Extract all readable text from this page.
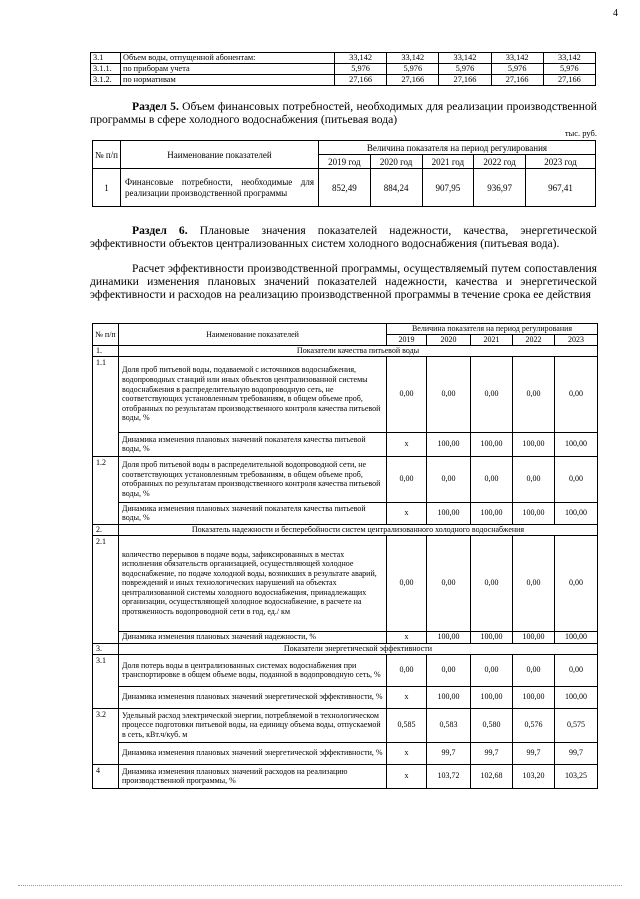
4
3.1	Объем воды, отпущенной абонентам:	33,142	33,142	33,142	33,142	33,142
3.1.1.	по приборам учета	5,976	5,976	5,976	5,976	5,976
3.1.2.	по нормативам	27,166	27,166	27,166	27,166	27,166
Раздел 5. Объем финансовых потребностей, необходимых для реализации производственной программы в сфере холодного водоснабжения (питьевая вода)
тыс. руб.
№ п/п	Наименование показателей	Величина показателя на период регулирования				
		2019 год	2020 год	2021 год	2022 год	2023 год
1	Финансовые потребности, необходимые для реализации производственной программы	852,49	884,24	907,95	936,97	967,41
Раздел 6. Плановые значения показателей надежности, качества, энергетической эффективности объектов централизованных систем холодного водоснабжения (питьевая вода).
Расчет эффективности производственной программы, осуществляемый путем сопоставления динамики изменения плановых значений показателей надежности, качества и энергетической эффективности и расходов на реализацию производственной программы в течение срока ее действия
№ п/п	Наименование показателей	Величина показателя на период регулирования				
		2019	2020	2021	2022	2023
1.	Показатели качества питьевой воды					
1.1	Доля проб питьевой воды, подаваемой с источников водоснабжения, водопроводных станций или иных объектов централизованной системы водоснабжения в распределительную водопроводную сеть, не соответствующих установленным требованиям, в общем объеме проб, отобранных по результатам производственного контроля качества питьевой воды, %	0,00	0,00	0,00	0,00	0,00
	Динамика изменения плановых значений показателя качества питьевой воды, %	х	100,00	100,00	100,00	100,00
1.2	Доля проб питьевой воды в распределительной водопроводной сети, не соответствующих установленным требованиям, в общем объеме проб, отобранных по результатам производственного контроля качества питьевой воды, %	0,00	0,00	0,00	0,00	0,00
	Динамика изменения плановых значений показателя качества питьевой воды, %	х	100,00	100,00	100,00	100,00
2.	Показатель надежности и бесперебойности систем централизованного холодного водоснабжения					
2.1	количество перерывов в подаче воды, зафиксированных в местах исполнения обязательств организацией, осуществляющей холодное водоснабжение, по подаче холодной воды, возникших в результате аварий, повреждений и иных технологических нарушений на объектах централизованной системы холодного водоснабжения, принадлежащих организации, осуществляющей холодное водоснабжение, в расчете на протяженность водопроводной сети в год, ед./ км	0,00	0,00	0,00	0,00	0,00
	Динамика изменения плановых значений надежности, %	х	100,00	100,00	100,00	100,00
3.	Показатели энергетической эффективности					
3.1	Доля потерь воды в централизованных системах водоснабжения при транспортировке в общем объеме воды, поданной в водопроводную сеть, %	0,00	0,00	0,00	0,00	0,00
	Динамика изменения плановых значений энергетической эффективности, %	х	100,00	100,00	100,00	100,00
3.2	Удельный расход электрической энергии, потребляемой в технологическом процессе подготовки питьевой воды, на единицу объема воды, отпускаемой в сеть, кВт.ч/куб. м	0,585	0,583	0,580	0,576	0,575
	Динамика изменения плановых значений энергетической эффективности, %	х	99,7	99,7	99,7	99,7
4	Динамика изменения плановых значений расходов на реализацию производственной программы, %	х	103,72	102,68	103,20	103,25
